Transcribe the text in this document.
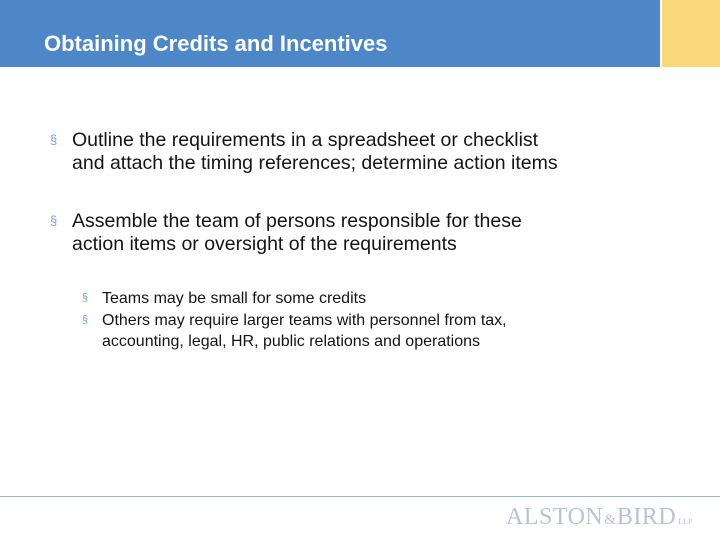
Obtaining Credits and Incentives
§ Outline the requirements in a spreadsheet or checklist
and attach the timing references; determine action items
§ Assemble the team of persons responsible for these
action items or oversight of the requirements
§ Teams may be small for some credits
§ Others may require larger teams with personnel from tax,
accounting, legal, HR, public relations and operations
ALSTON & BIRD LLP
